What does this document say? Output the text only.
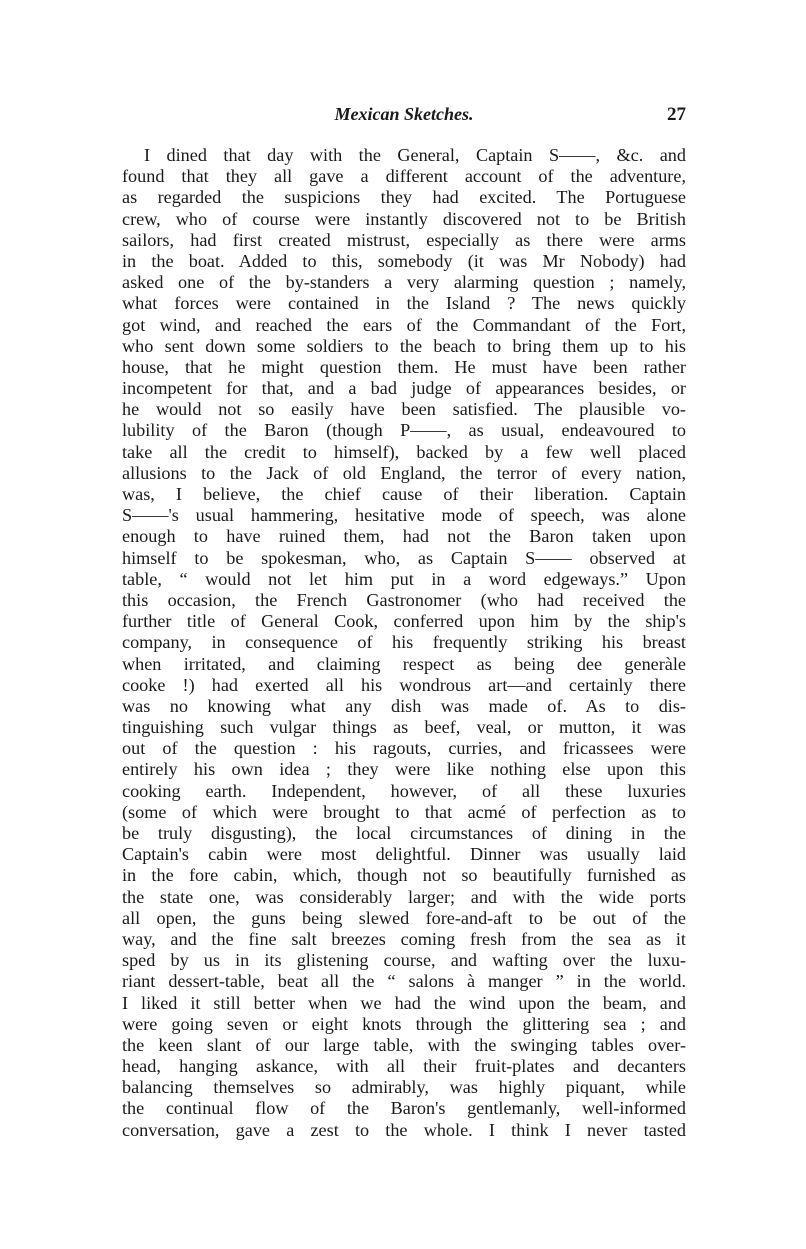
Mexican Sketches.	27
I dined that day with the General, Captain S——, &c. and
found that they all gave a different account of the adventure,
as regarded the suspicions they had excited. The Portuguese
crew, who of course were instantly discovered not to be British
sailors, had first created mistrust, especially as there were arms
in the boat. Added to this, somebody (it was Mr Nobody) had
asked one of the by-standers a very alarming question ; namely,
what forces were contained in the Island ? The news quickly
got wind, and reached the ears of the Commandant of the Fort,
who sent down some soldiers to the beach to bring them up to his
house, that he might question them. He must have been rather
incompetent for that, and a bad judge of appearances besides, or
he would not so easily have been satisfied. The plausible vo-
lubility of the Baron (though P——, as usual, endeavoured to
take all the credit to himself), backed by a few well placed
allusions to the Jack of old England, the terror of every nation,
was, I believe, the chief cause of their liberation. Captain
S——'s usual hammering, hesitative mode of speech, was alone
enough to have ruined them, had not the Baron taken upon
himself to be spokesman, who, as Captain S—— observed at
table, “ would not let him put in a word edgeways.” Upon
this occasion, the French Gastronomer (who had received the
further title of General Cook, conferred upon him by the ship's
company, in consequence of his frequently striking his breast
when irritated, and claiming respect as being dee generàle
cooke !) had exerted all his wondrous art—and certainly there
was no knowing what any dish was made of. As to dis-
tinguishing such vulgar things as beef, veal, or mutton, it was
out of the question : his ragouts, curries, and fricassees were
entirely his own idea ; they were like nothing else upon this
cooking earth. Independent, however, of all these luxuries
(some of which were brought to that acmé of perfection as to
be truly disgusting), the local circumstances of dining in the
Captain's cabin were most delightful. Dinner was usually laid
in the fore cabin, which, though not so beautifully furnished as
the state one, was considerably larger; and with the wide ports
all open, the guns being slewed fore-and-aft to be out of the
way, and the fine salt breezes coming fresh from the sea as it
sped by us in its glistening course, and wafting over the luxu-
riant dessert-table, beat all the “ salons à manger ” in the world.
I liked it still better when we had the wind upon the beam, and
were going seven or eight knots through the glittering sea ; and
the keen slant of our large table, with the swinging tables over-
head, hanging askance, with all their fruit-plates and decanters
balancing themselves so admirably, was highly piquant, while
the continual flow of the Baron's gentlemanly, well-informed
conversation, gave a zest to the whole. I think I never tasted
